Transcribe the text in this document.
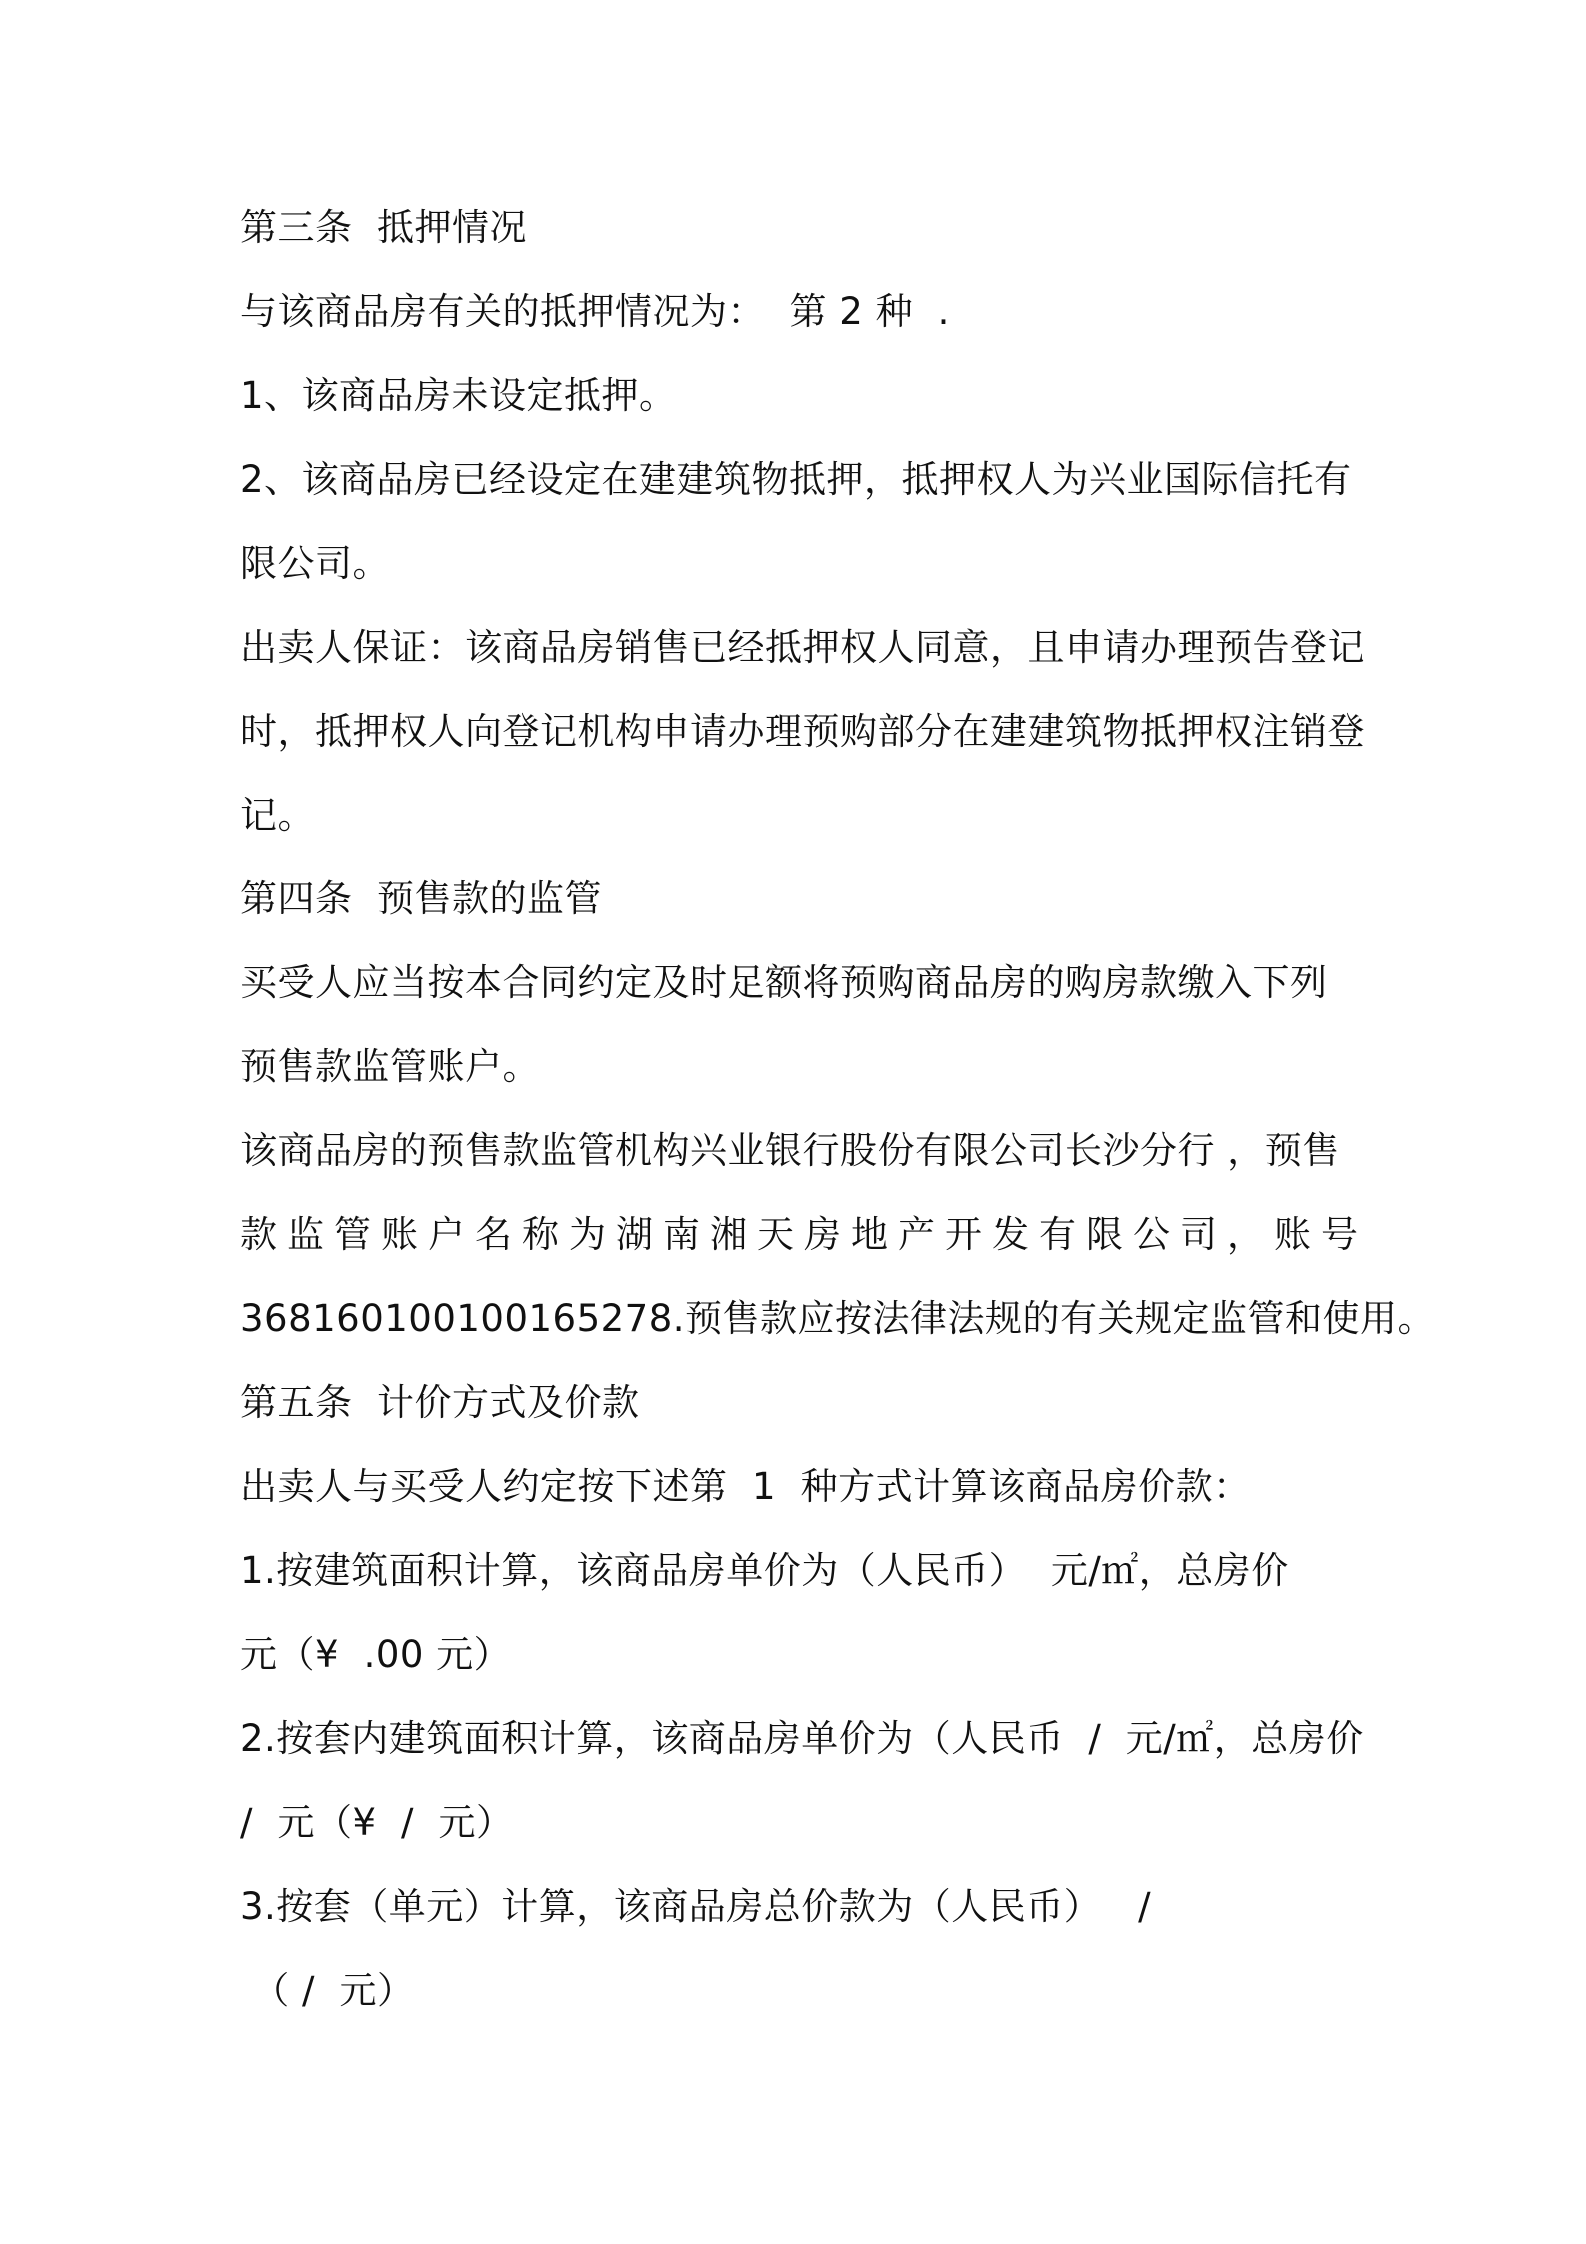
第三条  抵押情况
与该商品房有关的抵押情况为：  第 2 种  .
1、该商品房未设定抵押。
2、该商品房已经设定在建建筑物抵押，抵押权人为兴业国际信托有
限公司。
出卖人保证：该商品房销售已经抵押权人同意，且申请办理预告登记
时，抵押权人向登记机构申请办理预购部分在建建筑物抵押权注销登
记。
第四条  预售款的监管
买受人应当按本合同约定及时足额将预购商品房的购房款缴入下列
预售款监管账户。
该商品房的预售款监管机构兴业银行股份有限公司长沙分行 ，预售
款监管账户名称为湖南湘天房地产开发有限公司，账号
368160100100165278.预售款应按法律法规的有关规定监管和使用。
第五条  计价方式及价款
出卖人与买受人约定按下述第  1  种方式计算该商品房价款：
1.按建筑面积计算，该商品房单价为（人民币）  元/㎡，总房价
元（¥  .00 元）
2.按套内建筑面积计算，该商品房单价为（人民币  /  元/㎡，总房价
/  元（¥  /  元）
3.按套（单元）计算，该商品房总价款为（人民币）   /
（ /  元）
